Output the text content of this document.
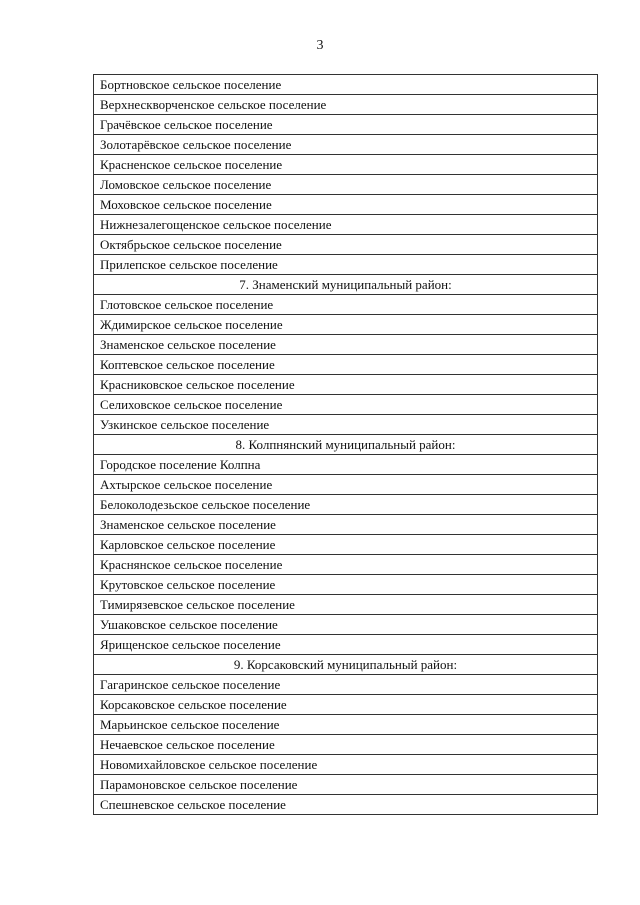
3
Бортновское сельское поселение
Верхнескворченское сельское поселение
Грачёвское сельское поселение
Золотарёвское сельское поселение
Красненское сельское поселение
Ломовское сельское поселение
Моховское сельское поселение
Нижнезалегощенское сельское поселение
Октябрьское сельское поселение
Прилепское сельское поселение
7. Знаменский муниципальный район:
Глотовское сельское поселение
Ждимирское сельское поселение
Знаменское сельское поселение
Коптевское сельское поселение
Красниковское сельское поселение
Селиховское сельское поселение
Узкинское сельское поселение
8. Колпнянский муниципальный район:
Городское поселение Колпна
Ахтырское сельское поселение
Белоколодезьское сельское поселение
Знаменское сельское поселение
Карловское сельское поселение
Краснянское сельское поселение
Крутовское сельское поселение
Тимирязевское сельское поселение
Ушаковское сельское поселение
Ярищенское сельское поселение
9. Корсаковский муниципальный район:
Гагаринское сельское поселение
Корсаковское сельское поселение
Марьинское сельское поселение
Нечаевское сельское поселение
Новомихайловское сельское поселение
Парамоновское сельское поселение
Спешневское сельское поселение
